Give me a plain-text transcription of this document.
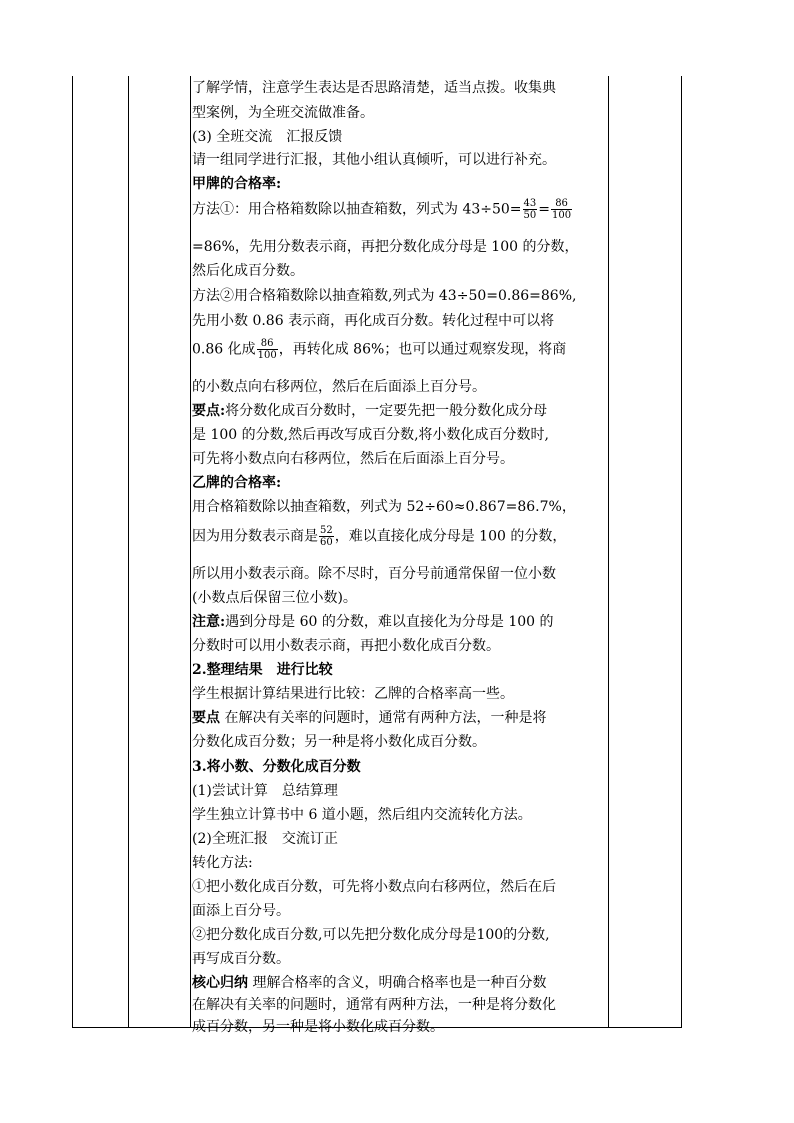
了解学情，注意学生表达是否思路清楚，适当点拨。收集典
型案例，为全班交流做准备。
(3) 全班交流　汇报反馈
请一组同学进行汇报，其他小组认真倾听，可以进行补充。
甲牌的合格率:
方法①：用合格箱数除以抽查箱数，列式为 $43\div 50= \frac{43}{50} = \frac{86}{100}$
=86%，先用分数表示商，再把分数化成分母是 100 的分数，
然后化成百分数。
方法②用合格箱数除以抽查箱数,列式为 43÷50=0.86=86%,
先用小数 0.86 表示商，再化成百分数。转化过程中可以将
0.86 化成 $\frac{86}{100}$ ，再转化成 86%；也可以通过观察发现，将商
的小数点向右移两位，然后在后面添上百分号。
要点:将分数化成百分数时，一定要先把一般分数化成分母
是 100 的分数,然后再改写成百分数,将小数化成百分数时,
可先将小数点向右移两位，然后在后面添上百分号。
乙牌的合格率:
用合格箱数除以抽查箱数，列式为 52÷60≈0.867=86.7%，
因为用分数表示商是 $\frac{52}{60}$ ，难以直接化成分母是 100 的分数，
所以用小数表示商。除不尽时，百分号前通常保留一位小数
(小数点后保留三位小数)。
注意:遇到分母是 60 的分数，难以直接化为分母是 100 的
分数时可以用小数表示商，再把小数化成百分数。
2.整理结果　进行比较
学生根据计算结果进行比较：乙牌的合格率高一些。
要点 在解决有关率的问题时，通常有两种方法，一种是将
分数化成百分数；另一种是将小数化成百分数。
3.将小数、分数化成百分数
(1)尝试计算　总结算理
学生独立计算书中 6 道小题，然后组内交流转化方法。
(2)全班汇报　交流订正
转化方法:
①把小数化成百分数，可先将小数点向右移两位，然后在后
面添上百分号。
②把分数化成百分数,可以先把分数化成分母是100的分数,
再写成百分数。
核心归纳 理解合格率的含义，明确合格率也是一种百分数
在解决有关率的问题时，通常有两种方法，一种是将分数化
成百分数，另一种是将小数化成百分数。
